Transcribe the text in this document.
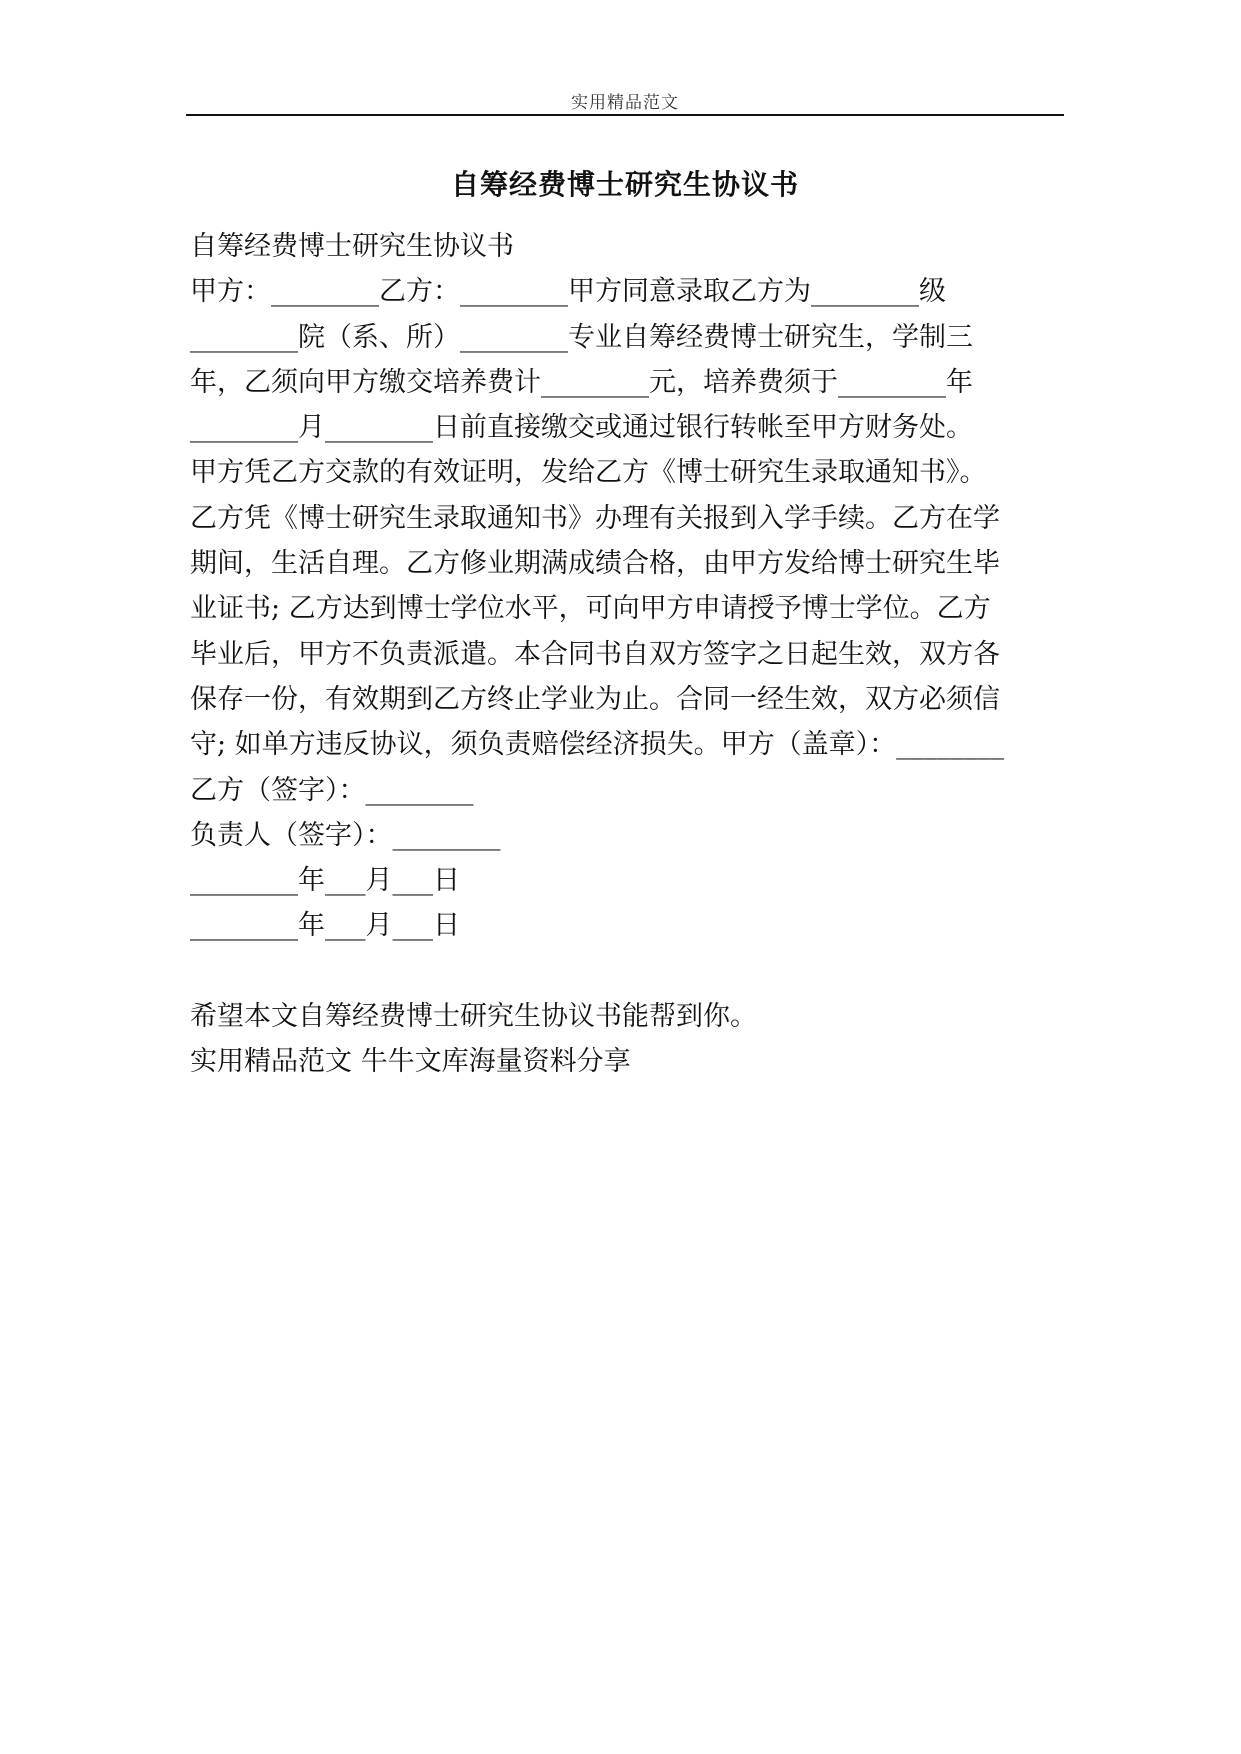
实用精品范文
自筹经费博士研究生协议书
自筹经费博士研究生协议书
甲方：________乙方：________甲方同意录取乙方为________级
________院（系、所）________专业自筹经费博士研究生，学制三
年，乙须向甲方缴交培养费计________元，培养费须于________年
________月________日前直接缴交或通过银行转帐至甲方财务处。
甲方凭乙方交款的有效证明，发给乙方《博士研究生录取通知书》。
乙方凭《博士研究生录取通知书》办理有关报到入学手续。乙方在学
期间，生活自理。乙方修业期满成绩合格，由甲方发给博士研究生毕
业证书; 乙方达到博士学位水平，可向甲方申请授予博士学位。乙方
毕业后，甲方不负责派遣。本合同书自双方签字之日起生效，双方各
保存一份，有效期到乙方终止学业为止。合同一经生效，双方必须信
守; 如单方违反协议，须负责赔偿经济损失。甲方（盖章）：________
乙方（签字）：________
负责人（签字）：________
________年___月___日
________年___月___日
希望本文自筹经费博士研究生协议书能帮到你。
实用精品范文 牛牛文库海量资料分享
